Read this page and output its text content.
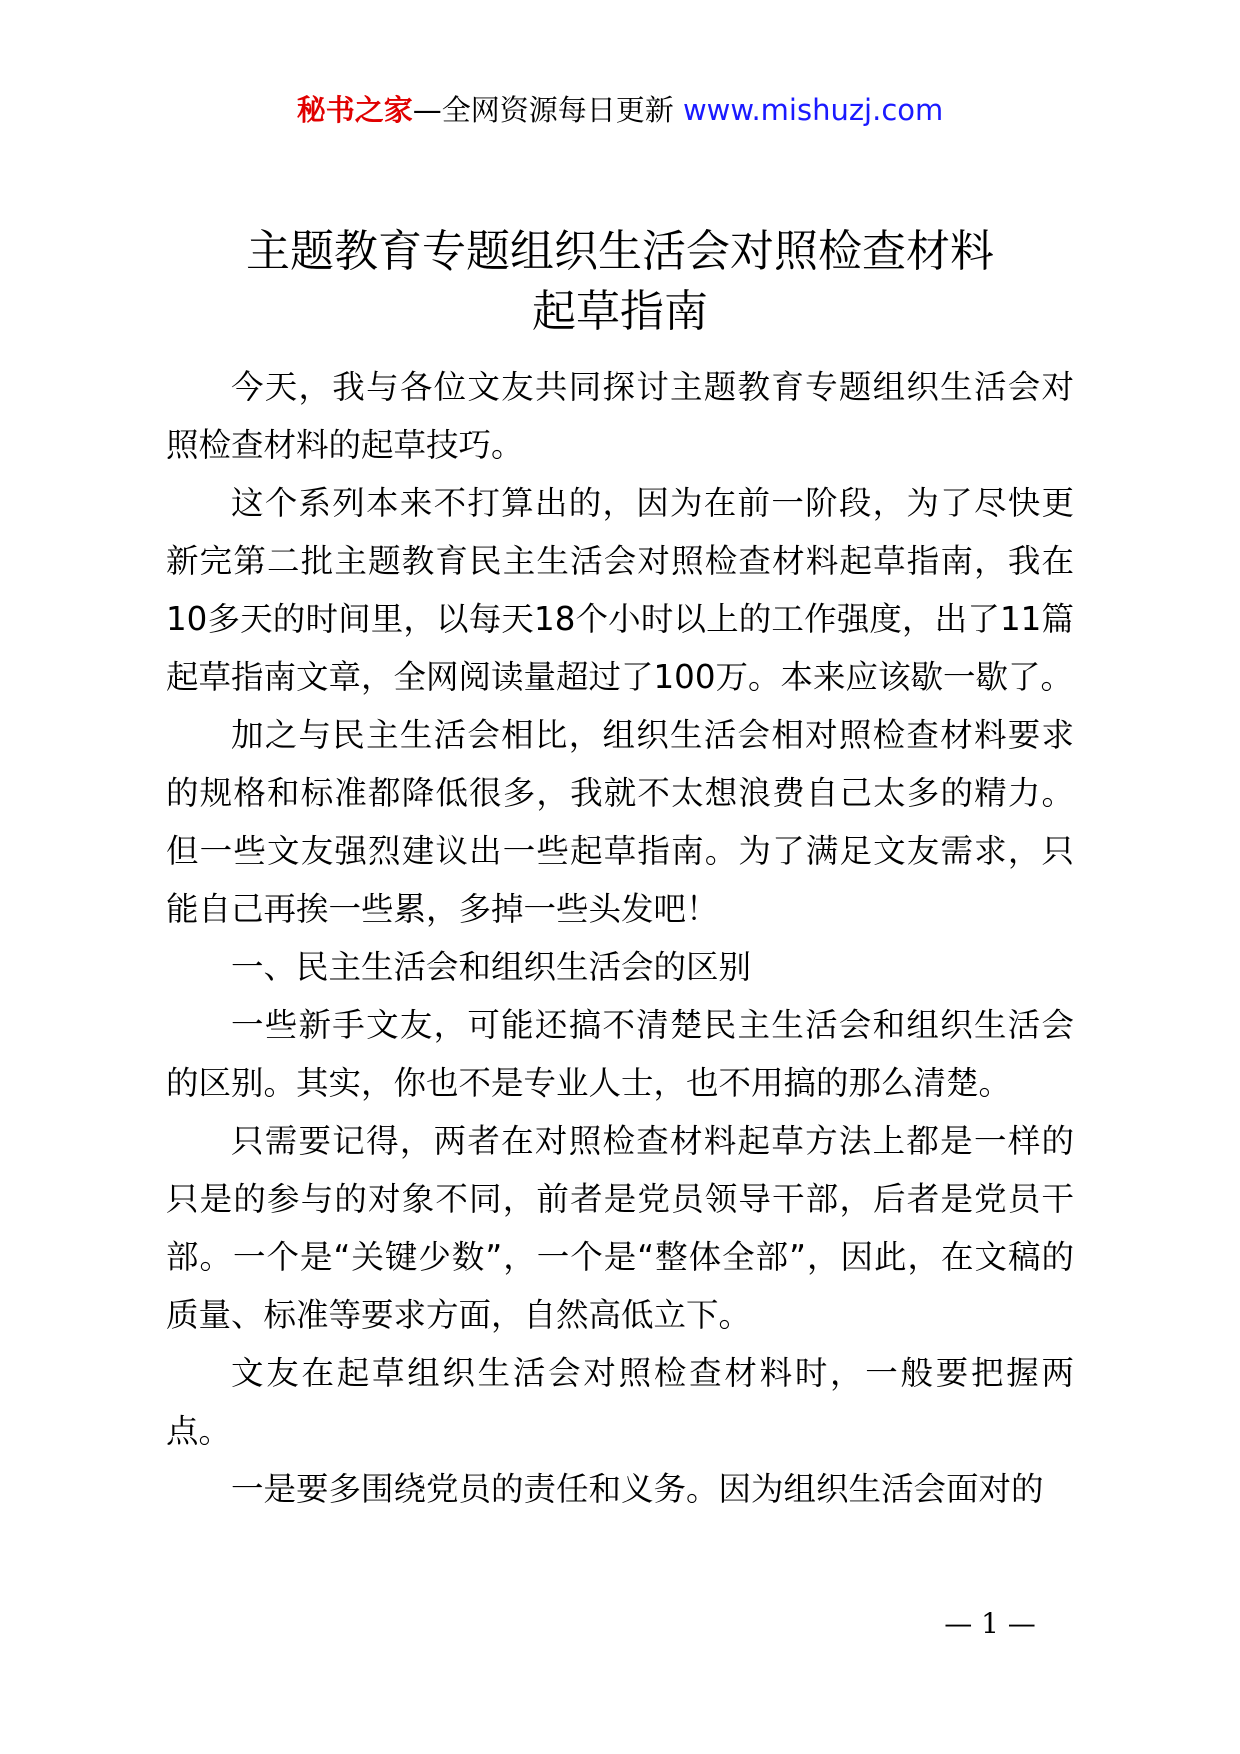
秘书之家—全网资源每日更新 www.mishuzj.com
主题教育专题组织生活会对照检查材料
起草指南

今天，我与各位文友共同探讨主题教育专题组织生活会对照检查材料的起草技巧。

这个系列本来不打算出的，因为在前一阶段，为了尽快更新完第二批主题教育民主生活会对照检查材料起草指南，我在10多天的时间里，以每天18个小时以上的工作强度，出了11篇起草指南文章，全网阅读量超过了100万。本来应该歇一歇了。

加之与民主生活会相比，组织生活会相对照检查材料要求的规格和标准都降低很多，我就不太想浪费自己太多的精力。但一些文友强烈建议出一些起草指南。为了满足文友需求，只能自己再挨一些累，多掉一些头发吧！

一、民主生活会和组织生活会的区别

一些新手文友，可能还搞不清楚民主生活会和组织生活会的区别。其实，你也不是专业人士，也不用搞的那么清楚。

只需要记得，两者在对照检查材料起草方法上都是一样的只是的参与的对象不同，前者是党员领导干部，后者是党员干部。一个是“关键少数”，一个是“整体全部”，因此，在文稿的质量、标准等要求方面，自然高低立下。

文友在起草组织生活会对照检查材料时，一般要把握两点。

一是要多围绕党员的责任和义务。因为组织生活会面对的

— 1 —
